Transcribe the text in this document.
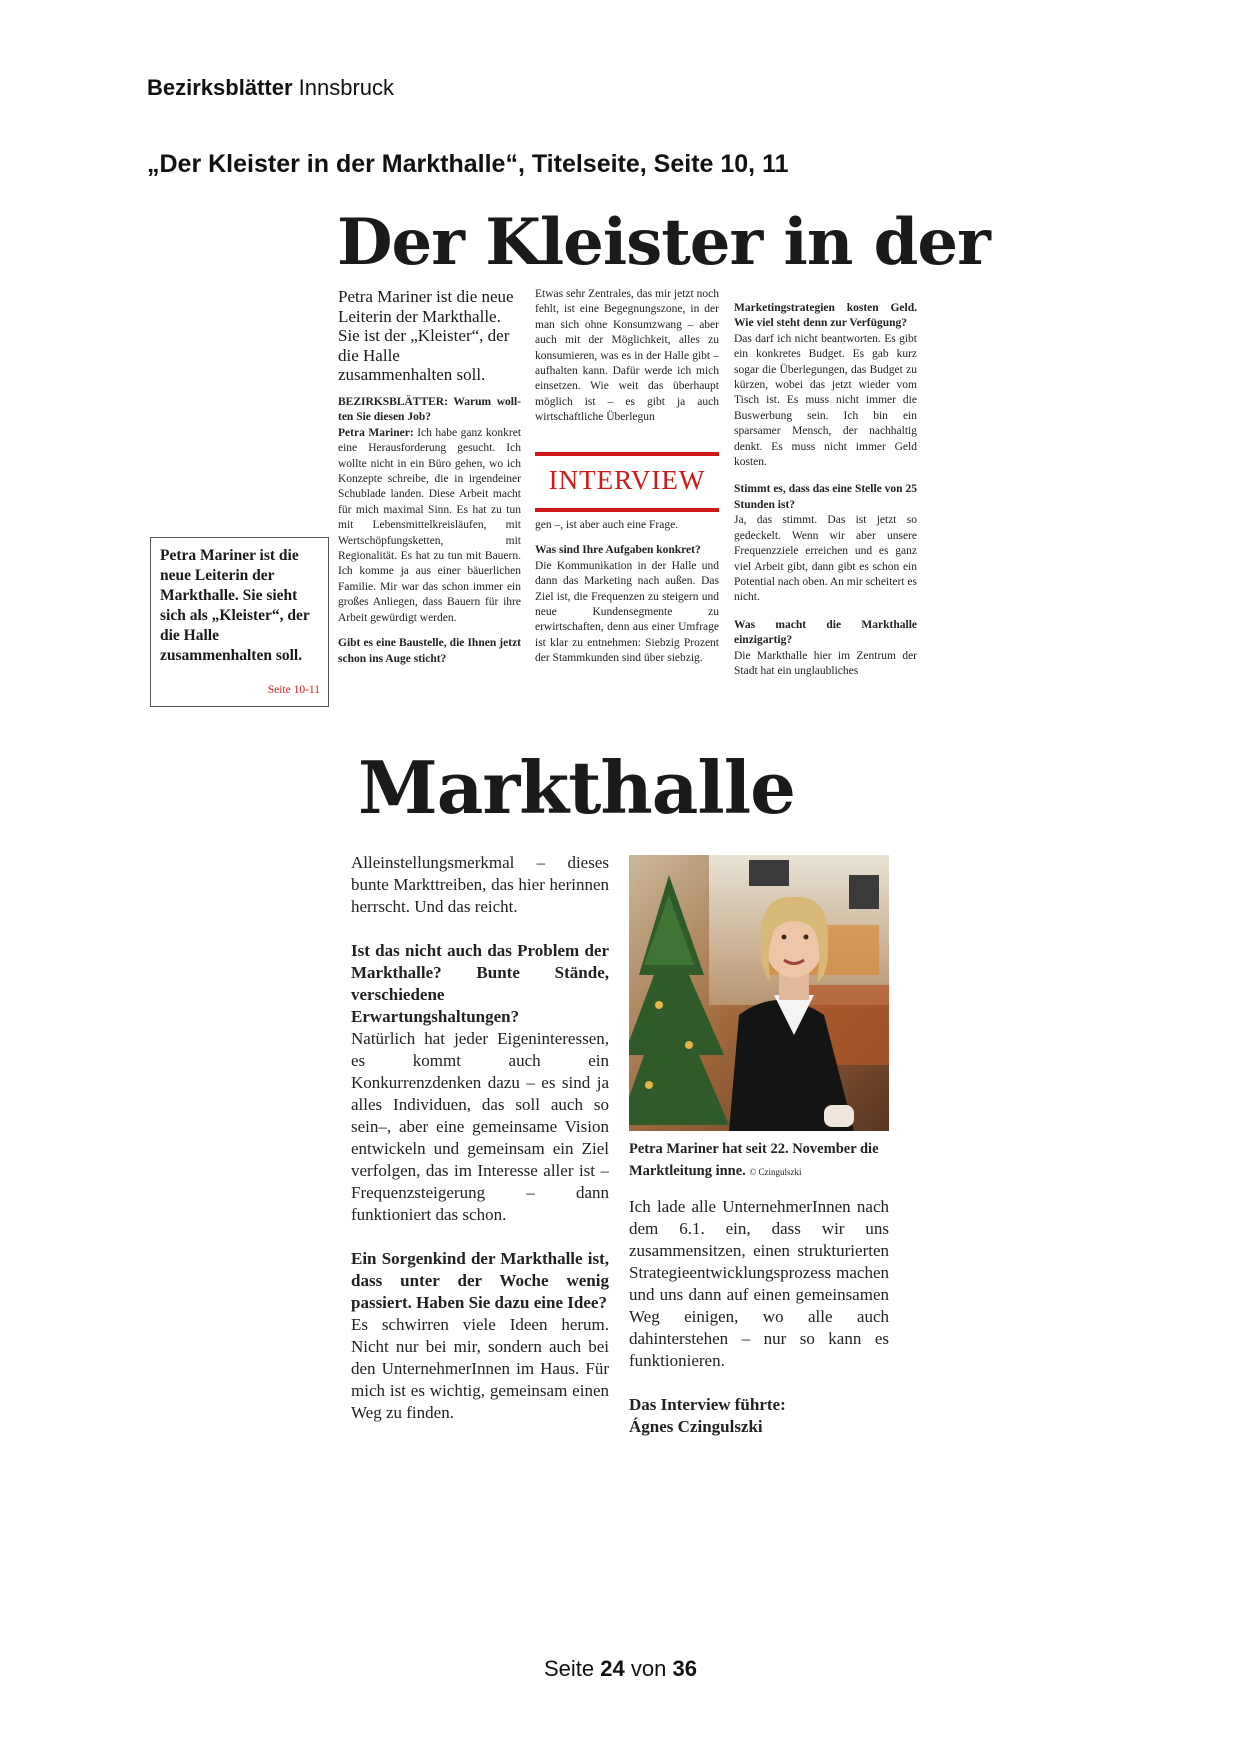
Bezirksblätter Innsbruck
„Der Kleister in der Markthalle“, Titelseite, Seite 10, 11
Der Kleister in der
Petra Mariner ist die neue Leiterin der Markthalle. Sie ist der „Kleister“, der die Halle zusammenhalten soll.

BEZIRKSBLÄTTER: Warum wollten Sie diesen Job?

Petra Mariner: Ich habe ganz konkret eine Herausforderung gesucht. Ich wollte nicht in ein Büro gehen, wo ich Konzepte schreibe, die in irgendeiner Schublade landen. Diese Arbeit macht für mich maximal Sinn. Es hat zu tun mit Lebensmittelkreisläufen, mit Wertschöpfungsketten, mit Regionalität. Es hat zu tun mit Bauern. Ich komme ja aus einer bäuerlichen Familie. Mir war das schon immer ein großes Anliegen, dass Bauern für ihre Arbeit gewürdigt werden.

Gibt es eine Baustelle, die Ihnen jetzt schon ins Auge sticht?

Etwas sehr Zentrales, das mir jetzt noch fehlt, ist eine Begegnungszone, in der man sich ohne Konsumzwang – aber auch mit der Möglichkeit, alles zu konsumieren, was es in der Halle gibt – aufhalten kann. Dafür werde ich mich einsetzen. Wie weit das überhaupt möglich ist – es gibt ja auch wirtschaftliche Überlegun
INTERVIEW

gen –, ist aber auch eine Frage.

Was sind Ihre Aufgaben konkret?

Die Kommunikation in der Halle und dann das Marketing nach außen. Das Ziel ist, die Frequenzen zu steigern und neue Kundensegmente zu erwirtschaften, denn aus einer Umfrage ist klar zu entnehmen: Siebzig Prozent der Stammkunden sind über siebzig.

Marketingstrategien kosten Geld. Wie viel steht denn zur Verfügung?

Das darf ich nicht beantworten. Es gibt ein konkretes Budget. Es gab kurz sogar die Überlegungen, das Budget zu kürzen, wobei das jetzt wieder vom Tisch ist. Es muss nicht immer die Buswerbung sein. Ich bin ein sparsamer Mensch, der nachhaltig denkt. Es muss nicht immer Geld kosten.

Stimmt es, dass das eine Stelle von 25 Stunden ist?

Ja, das stimmt. Das ist jetzt so gedeckelt. Wenn wir aber unsere Frequenzziele erreichen und es ganz viel Arbeit gibt, dann gibt es schon ein Potential nach oben. An mir scheitert es nicht.

Was macht die Markthalle einzigartig?

Die Markthalle hier im Zentrum der Stadt hat ein unglaubliches

Petra Mariner ist die neue Leiterin der Markthalle. Sie sieht sich als „Kleister“, der die Halle zusammenhalten soll.
Seite 10-11
Markthalle

Alleinstellungsmerkmal – dieses bunte Markttreiben, das hier herinnen herrscht. Und das reicht.

Ist das nicht auch das Problem der Markthalle? Bunte Stände, verschiedene Erwartungshaltungen?

Natürlich hat jeder Eigeninteressen, es kommt auch ein Konkurrenzdenken dazu – es sind ja alles Individuen, das soll auch so sein–, aber eine gemeinsame Vision entwickeln und gemeinsam ein Ziel verfolgen, das im Interesse aller ist – Frequenzsteigerung – dann funktioniert das schon.

Ein Sorgenkind der Markthalle ist, dass unter der Woche wenig passiert. Haben Sie dazu eine Idee?

Es schwirren viele Ideen herum. Nicht nur bei mir, sondern auch bei den UnternehmerInnen im Haus. Für mich ist es wichtig, gemeinsam einen Weg zu finden.

Petra Mariner hat seit 22. November die Marktleitung inne. © Czingulszki

Ich lade alle UnternehmerInnen nach dem 6.1. ein, dass wir uns zusammensitzen, einen strukturierten Strategieentwicklungsprozess machen und uns dann auf einen gemeinsamen Weg einigen, wo alle auch dahinterstehen – nur so kann es funktionieren.

Das Interview führte:

Ágnes Czingulszki

Seite 24 von 36
